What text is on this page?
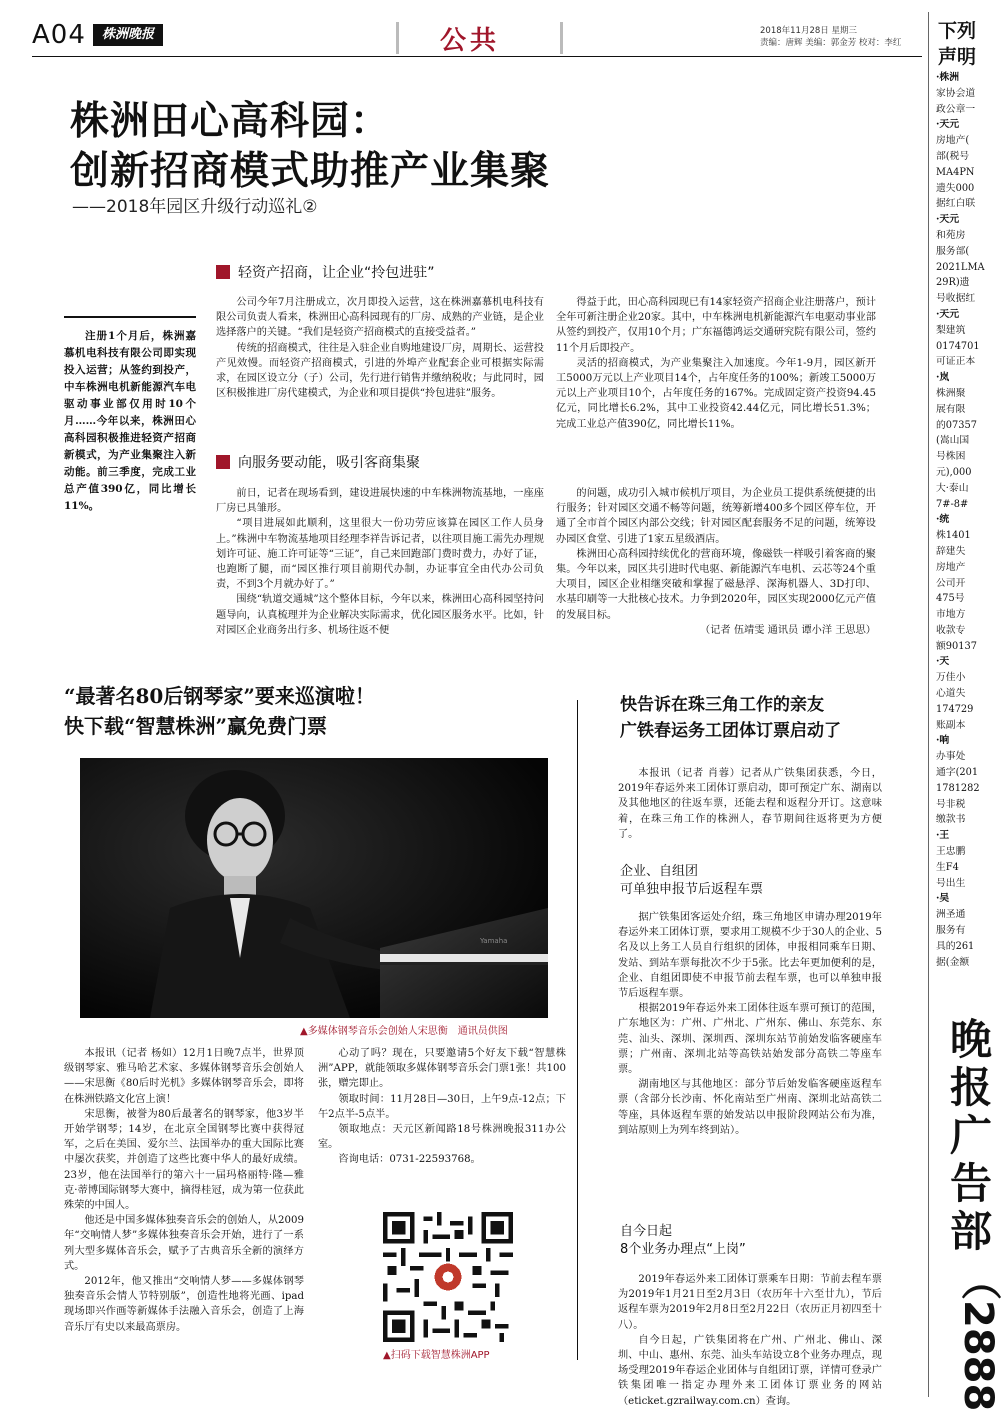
A04	株洲晚报	公共	2018年11月28日 星期三
责编：唐辉 美编：郭金芳 校对：李红
株洲田心高科园：
创新招商模式助推产业集聚
——2018年园区升级行动巡礼②
注册1个月后，株洲嘉慕机电科技有限公司即实现投入运营；从签约到投产，中车株洲电机新能源汽车电驱动事业部仅用时10个月……今年以来，株洲田心高科园积极推进轻资产招商新模式，为产业集聚注入新动能。前三季度，完成工业总产值390亿，同比增长11%。
轻资产招商，让企业“拎包进驻”

公司今年7月注册成立，次月即投入运营，这在株洲嘉慕机电科技有限公司负责人看来，株洲田心高科园现有的厂房、成熟的产业链，是企业选择落户的关键。“我们是轻资产招商模式的直接受益者。”

传统的招商模式，往往是入驻企业自购地建设厂房，周期长、运营投产见效慢。而轻资产招商模式，引进的外埠产业配套企业可根据实际需求，在园区设立分（子）公司，先行进行销售并缴纳税收；与此同时，园区积极推进厂房代建模式，为企业和项目提供“拎包进驻”服务。

得益于此，田心高科园现已有14家轻资产招商企业注册落户，预计全年可新注册企业20家。其中，中车株洲电机新能源汽车电驱动事业部从签约到投产，仅用10个月；广东福德鸿运交通研究院有限公司，签约11个月后即投产。

灵活的招商模式，为产业集聚注入加速度。今年1-9月，园区新开工5000万元以上产业项目14个，占年度任务的100%；新竣工5000万元以上产业项目10个，占年度任务的167%。完成固定资产投资94.45亿元，同比增长6.2%，其中工业投资42.44亿元，同比增长51.3%；完成工业总产值390亿，同比增长11%。

向服务要动能，吸引客商集聚

前日，记者在现场看到，建设进展快速的中车株洲物流基地，一座座厂房已具雏形。

“项目进展如此顺利，这里很大一份功劳应该算在园区工作人员身上。”株洲中车物流基地项目经理李祥告诉记者，以往项目施工需先办理规划许可证、施工许可证等“三证”，自己来回跑部门费时费力，办好了证，也跑断了腿，而“园区推行项目前期代办制，办证事宜全由代办公司负责，不到3个月就办好了。”

围绕“轨道交通城”这个整体目标，今年以来，株洲田心高科园坚持问题导向，认真梳理并为企业解决实际需求，优化园区服务水平。比如，针对园区企业商务出行多、机场往返不便

的问题，成功引入城市候机厅项目，为企业员工提供系统便捷的出行服务；针对园区交通不畅等问题，统筹新增400多个园区停车位，开通了全市首个园区内部公交线；针对园区配套服务不足的问题，统筹设办园区食堂、引进了1家五星级酒店。

株洲田心高科园持续优化的营商环境，像磁铁一样吸引着客商的聚集。今年以来，园区共引进时代电驱、新能源汽车电机、云芯等24个重大项目，园区企业相继突破和掌握了磁悬浮、深海机器人、3D打印、水基印刷等一大批核心技术。力争到2020年，园区实现2000亿元产值的发展目标。

（记者 伍靖雯 通讯员 谭小洋 王思思）
“最著名80后钢琴家”要来巡演啦！
快下载“智慧株洲”赢免费门票
Yamaha
▲多媒体钢琴音乐会创始人宋思衡　通讯员供图

本报讯（记者 杨如）12月1日晚7点半，世界顶级钢琴家、雅马哈艺术家、多媒体钢琴音乐会创始人——宋思衡《80后时光机》多媒体钢琴音乐会，即将在株洲铁路文化宫上演！

宋思衡，被誉为80后最著名的钢琴家，他3岁半开始学钢琴；14岁，在北京全国钢琴比赛中获得冠军，之后在美国、爱尔兰、法国举办的重大国际比赛中屡次获奖，并创造了这些比赛中华人的最好成绩。23岁，他在法国举行的第六十一届玛格丽特·隆—雅克·蒂博国际钢琴大赛中，摘得桂冠，成为第一位获此殊荣的中国人。

他还是中国多媒体独奏音乐会的创始人，从2009年“交响情人梦”多媒体独奏音乐会开始，进行了一系列大型多媒体音乐会，赋予了古典音乐全新的演绎方式。

2012年，他又推出“交响情人梦——多媒体钢琴独奏音乐会情人节特别版”，创造性地将光画、ipad现场即兴作画等新媒体手法融入音乐会，创造了上海音乐厅有史以来最高票房。

心动了吗？现在，只要邀请5个好友下载“智慧株洲”APP，就能领取多媒体钢琴音乐会门票1张！共100张，赠完即止。

领取时间：11月28日—30日，上午9点-12点；下午2点半-5点半。

领取地点：天元区新闻路18号株洲晚报311办公室。

咨询电话：0731-22593768。

▲扫码下载智慧株洲APP
快告诉在珠三角工作的亲友
广铁春运务工团体订票启动了

本报讯（记者 肖蓉）记者从广铁集团获悉，今日，2019年春运外来工团体订票启动，即可预定广东、湖南以及其他地区的往返车票，还能去程和返程分开订。这意味着，在珠三角工作的株洲人，春节期间往返将更为方便了。

企业、自组团
可单独申报节后返程车票

据广铁集团客运处介绍，珠三角地区申请办理2019年春运外来工团体订票，要求用工规模不少于30人的企业、5名及以上务工人员自行组织的团体，申报相同乘车日期、发站、到站车票每批次不少于5张。比去年更加便利的是，企业、自组团即使不申报节前去程车票，也可以单独申报节后返程车票。

根据2019年春运外来工团体往返车票可预订的范围，广东地区为：广州、广州北、广州东、佛山、东莞东、东莞、汕头、深圳、深圳西、深圳东站节前始发临客硬座车票；广州南、深圳北站等高铁站始发部分高铁二等座车票。

湖南地区与其他地区：部分节后始发临客硬座返程车票（含部分长沙南、怀化南站至广州南、深圳北站高铁二等座，具体返程车票的始发站以申报阶段网站公布为准，到站原则上为列车终到站）。

自今日起
8个业务办理点“上岗”

2019年春运外来工团体订票乘车日期：节前去程车票为2019年1月21日至2月3日（农历年十六至廿九），节后返程车票为2019年2月8日至2月22日（农历正月初四至十八）。

自今日起，广铁集团将在广州、广州北、佛山、深圳、中山、惠州、东莞、汕头车站设立8个业务办理点，现场受理2019年春运企业团体与自组团订票，详情可登录广铁集团唯一指定办理外来工团体订票业务的网站（eticket.gzrailway.com.cn）查询。

下列
声明

·株洲

家协会道

政公章一

·天元

房地产(

部(税号

MA4PN

遗失000

据红白联

·天元

和苑房

服务部(

2021LMA

29R)遗

号收据红

·天元

梨建筑

0174701

可证正本

·岚

株洲聚

展有限

的07357

(嵩山国

号株困

元),000

大·泰山

7#-8#

·统

株1401

辞建失

房地产

公司开

475号

市地方

收款专

额90137

·天

万佳小

心道失

174729

账副本

·响

办事处

通字(201

1781282

号非税

缴款书

·王

王忠鹏

生F4

号出生

·吴

洲圣通

服务有

具的261

据(金额

晚
报
广
告
部
（2888
